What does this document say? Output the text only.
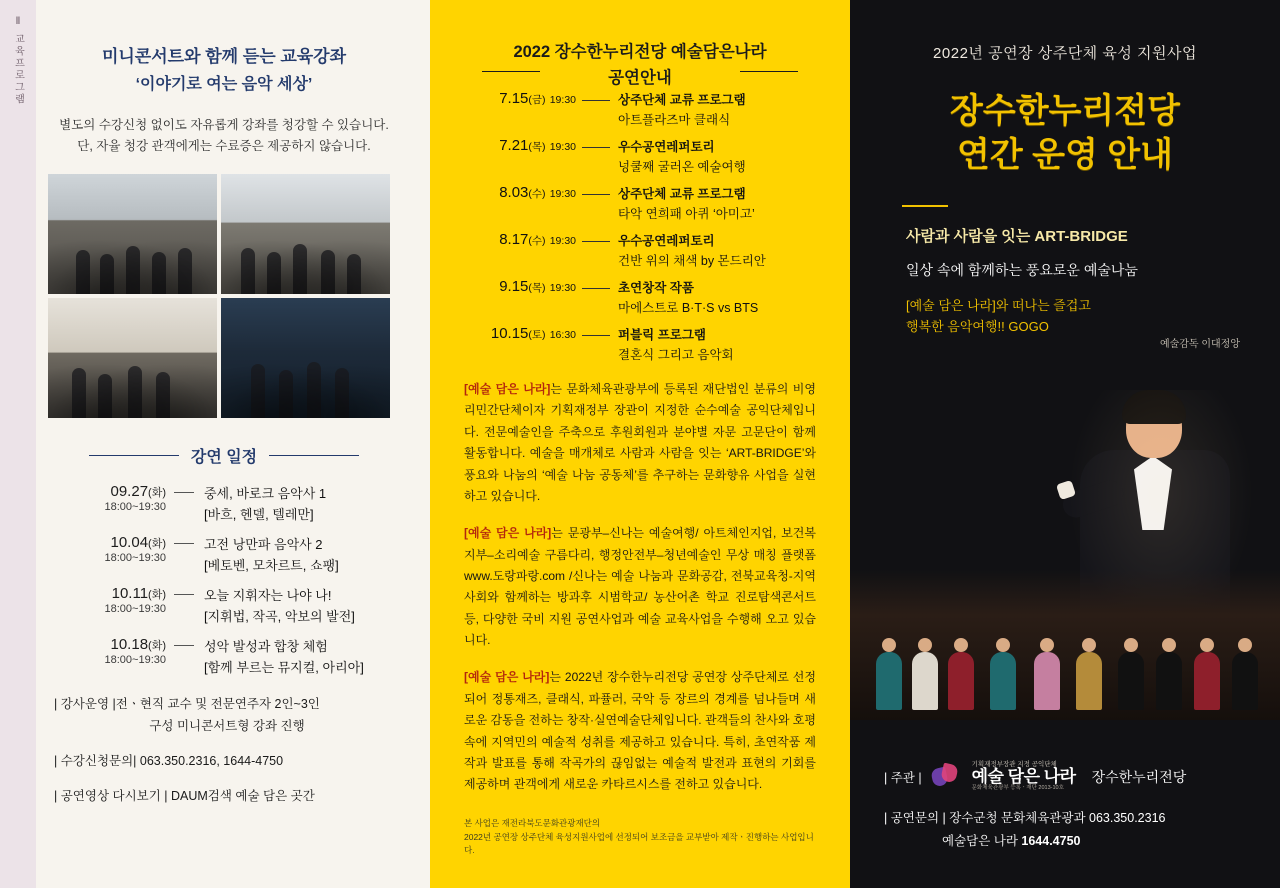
Ⅱ 교육프로그램	미니콘서트와 함께 듣는 교육강좌
‘이야기로 여는 음악 세상’
별도의 수강신청 없이도 자유롭게 강좌를 청강할 수 있습니다.
단, 자율 청강 관객에게는 수료증은 제공하지 않습니다.
강연 일정
09.27(화)
18:00~19:30
중세, 바로크 음악사 1
[바흐, 헨델, 텔레만]
10.04(화)
18:00~19:30
고전 낭만파 음악사 2
[베토벤, 모차르트, 쇼팽]
10.11(화)
18:00~19:30
오늘 지휘자는 나야 나!
[지휘법, 작곡, 악보의 발전]
10.18(화)
18:00~19:30
성악 발성과 합창 체험
[함께 부르는 뮤지컬, 아리아]
| 강사운영 |전ㆍ현직 교수 및 전문연주자 2인~3인
구성 미니콘서트형 강좌 진행
| 수강신청문의| 063.350.2316, 1644-4750
| 공연영상 다시보기 | DAUM검색 예술 담은 곳간
2022 장수한누리전당 예술담은나라
공연안내
7.15(금) 19:30	상주단체 교류 프로그램
아트플라즈마 클래식
7.21(목) 19:30	우수공연레퍼토리
넝쿨째 굴러온 예술여행
8.03(수) 19:30	상주단체 교류 프로그램
타악 연희패 아퀴 ‘아미고’
8.17(수) 19:30	우수공연레퍼토리
건반 위의 채색 by 몬드리안
9.15(목) 19:30	초연창작 작품
마에스트로 B·T·S vs BTS
10.15(토) 16:30	퍼블릭 프로그램
결혼식 그리고 음악회

[예술 담은 나라]는 문화체육관광부에 등록된 재단법인 분류의 비영리민간단체이자 기획재정부 장관이 지정한 순수예술 공익단체입니다. 전문예술인을 주축으로 후원회원과 분야별 자문 고문단이 함께 활동합니다. 예술을 매개체로 사람과 사람을 잇는 ‘ART-BRIDGE’와 풍요와 나눔의 ‘예술 나눔 공동체’를 추구하는 문화향유 사업을 실현하고 있습니다.

[예술 담은 나라]는 문광부–신나는 예술여행/ 아트체인지업, 보건복지부–소리예술 구름다리, 행정안전부–청년예술인 무상 매칭 플랫폼 www.도랑파랑.com /신나는 예술 나눔과 문화공감, 전북교육청-지역사회와 함께하는 방과후 시범학교/ 농산어촌 학교 진로탐색콘서트 등, 다양한 국비 지원 공연사업과 예술 교육사업을 수행해 오고 있습니다.

[예술 담은 나라]는 2022년 장수한누리전당 공연장 상주단체로 선정되어 정통재즈, 클래식, 파퓰러, 국악 등 장르의 경계를 넘나들며 새로운 감동을 전하는 창작·실연예술단체입니다. 관객들의 찬사와 호평 속에 지역민의 예술적 성취를 제공하고 있습니다. 특히, 초연작품 제작과 발표를 통해 작곡가의 끊임없는 예술적 발전과 표현의 기회를 제공하며 관객에게 새로운 카타르시스를 전하고 있습니다.

본 사업은 재전라북도문화관광재단의
2022년 공연장 상주단체 육성지원사업에 선정되어 보조금을 교부받아 제작ㆍ진행하는 사업입니다.
2022년 공연장 상주단체 육성 지원사업
장수한누리전당
연간 운영 안내
사람과 사람을 잇는 ART-BRIDGE
일상 속에 함께하는 풍요로운 예술나눔
[예술 담은 나라]와 떠나는 즐겁고
행복한 음악여행!! GOGO
예술감독 이대정앙
| 주관 |
기획재정부장관 지정 공익단체
예술 담은 나라
문화체육관광부 등록ㆍ재단 2013-10호
장수한누리전당
| 공연문의 | 장수군청 문화체육관광과 063.350.2316
예술담은 나라 1644.4750
